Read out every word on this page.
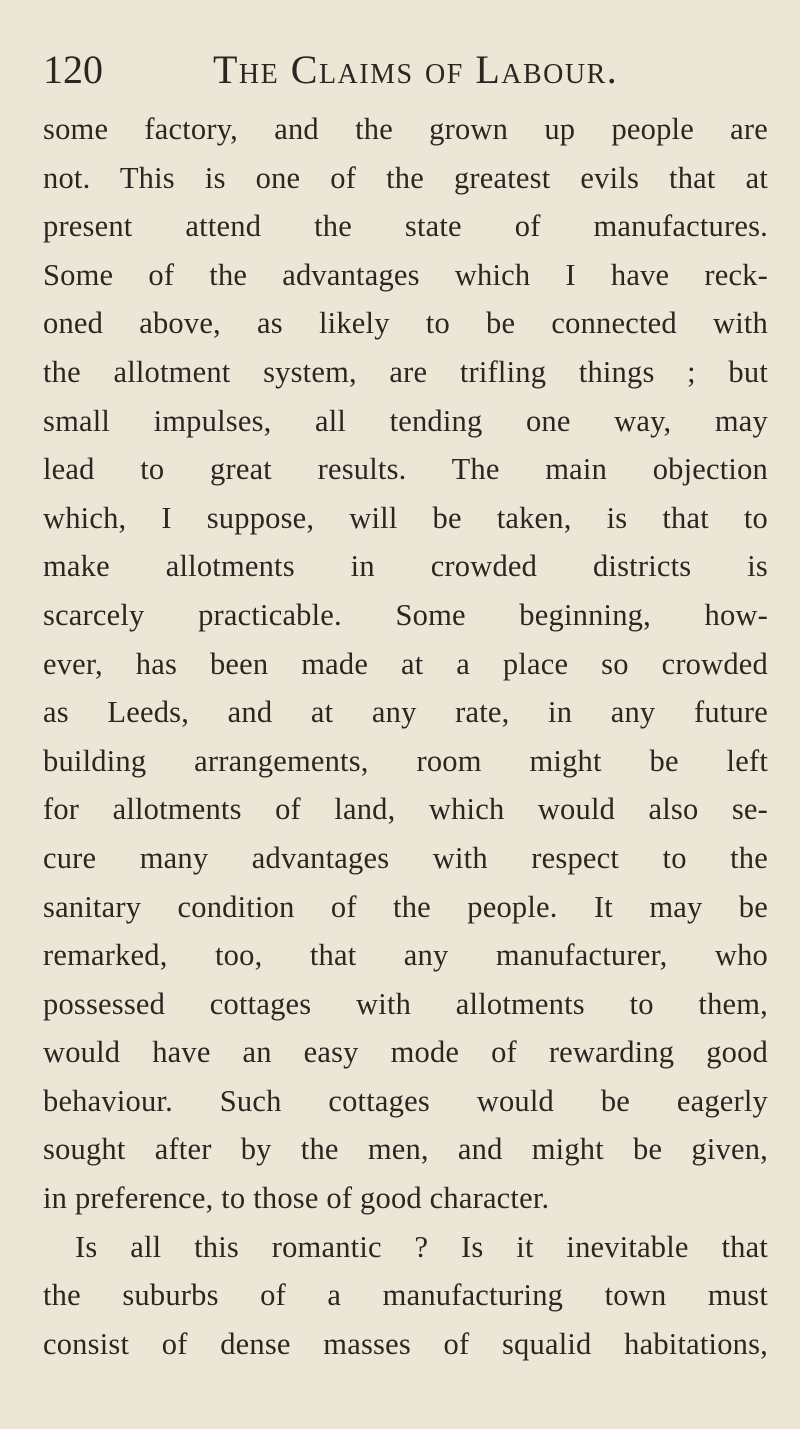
120	The Claims of Labour.
some factory, and the grown up people are
not. This is one of the greatest evils that at
present attend the state of manufactures.
Some of the advantages which I have reck-
oned above, as likely to be connected with
the allotment system, are trifling things ; but
small impulses, all tending one way, may
lead to great results. The main objection
which, I suppose, will be taken, is that to
make allotments in crowded districts is
scarcely practicable. Some beginning, how-
ever, has been made at a place so crowded
as Leeds, and at any rate, in any future
building arrangements, room might be left
for allotments of land, which would also se-
cure many advantages with respect to the
sanitary condition of the people. It may be
remarked, too, that any manufacturer, who
possessed cottages with allotments to them,
would have an easy mode of rewarding good
behaviour. Such cottages would be eagerly
sought after by the men, and might be given,
in preference, to those of good character.
Is all this romantic ? Is it inevitable that
the suburbs of a manufacturing town must
consist of dense masses of squalid habitations,
